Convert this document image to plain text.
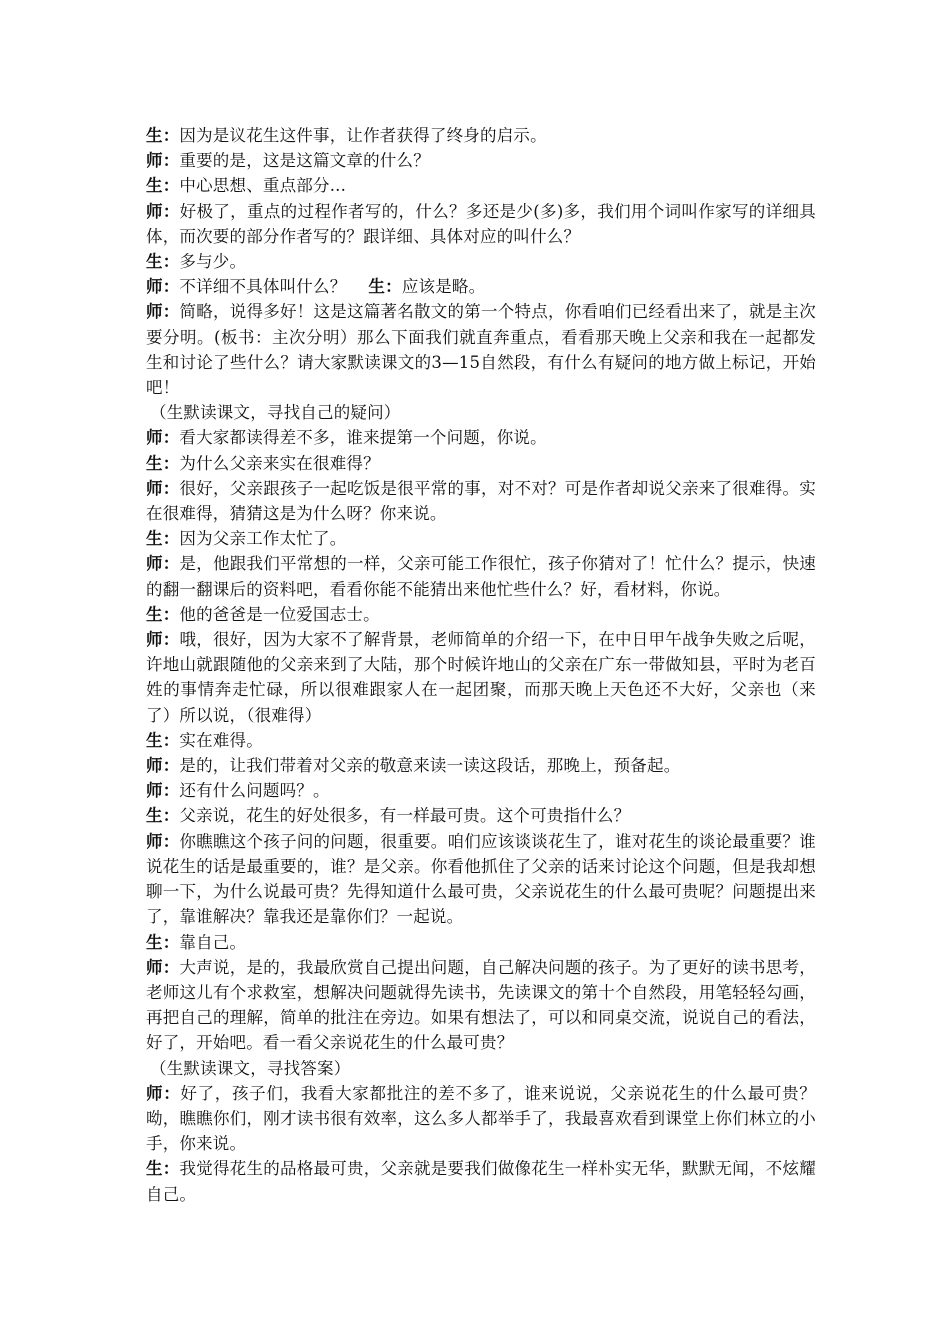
生：因为是议花生这件事，让作者获得了终身的启示。

师：重要的是，这是这篇文章的什么？

生：中心思想、重点部分...

师：好极了，重点的过程作者写的，什么？多还是少(多)多，我们用个词叫作家写的详细具体，而次要的部分作者写的？跟详细、具体对应的叫什么？

生：多与少。

师：不详细不具体叫什么？ 生：应该是略。

师：简略，说得多好！这是这篇著名散文的第一个特点，你看咱们已经看出来了，就是主次要分明。(板书：主次分明）那么下面我们就直奔重点，看看那天晚上父亲和我在一起都发生和讨论了些什么？请大家默读课文的3—15自然段，有什么有疑问的地方做上标记，开始吧！

（生默读课文，寻找自己的疑问）

师：看大家都读得差不多，谁来提第一个问题，你说。

生：为什么父亲来实在很难得？

师：很好，父亲跟孩子一起吃饭是很平常的事，对不对？可是作者却说父亲来了很难得。实在很难得，猜猜这是为什么呀？你来说。

生：因为父亲工作太忙了。

师：是，他跟我们平常想的一样，父亲可能工作很忙，孩子你猜对了！忙什么？提示，快速的翻一翻课后的资料吧，看看你能不能猜出来他忙些什么？好，看材料，你说。

生：他的爸爸是一位爱国志士。

师：哦，很好，因为大家不了解背景，老师简单的介绍一下，在中日甲午战争失败之后呢，许地山就跟随他的父亲来到了大陆，那个时候许地山的父亲在广东一带做知县，平时为老百姓的事情奔走忙碌，所以很难跟家人在一起团聚，而那天晚上天色还不大好，父亲也（来了）所以说，（很难得）

生：实在难得。

师：是的，让我们带着对父亲的敬意来读一读这段话，那晚上，预备起。

师：还有什么问题吗？。

生：父亲说，花生的好处很多，有一样最可贵。这个可贵指什么？

师：你瞧瞧这个孩子问的问题，很重要。咱们应该谈谈花生了，谁对花生的谈论最重要？谁说花生的话是最重要的，谁？是父亲。你看他抓住了父亲的话来讨论这个问题，但是我却想聊一下，为什么说最可贵？先得知道什么最可贵，父亲说花生的什么最可贵呢？问题提出来了，靠谁解决？靠我还是靠你们？一起说。

生：靠自己。

师：大声说，是的，我最欣赏自己提出问题，自己解决问题的孩子。为了更好的读书思考，老师这儿有个求救室，想解决问题就得先读书，先读课文的第十个自然段，用笔轻轻勾画，再把自己的理解，简单的批注在旁边。如果有想法了，可以和同桌交流，说说自己的看法，好了，开始吧。看一看父亲说花生的什么最可贵？

（生默读课文，寻找答案）

师：好了，孩子们，我看大家都批注的差不多了，谁来说说，父亲说花生的什么最可贵？呦，瞧瞧你们，刚才读书很有效率，这么多人都举手了，我最喜欢看到课堂上你们林立的小手，你来说。

生：我觉得花生的品格最可贵，父亲就是要我们做像花生一样朴实无华，默默无闻，不炫耀自己。
